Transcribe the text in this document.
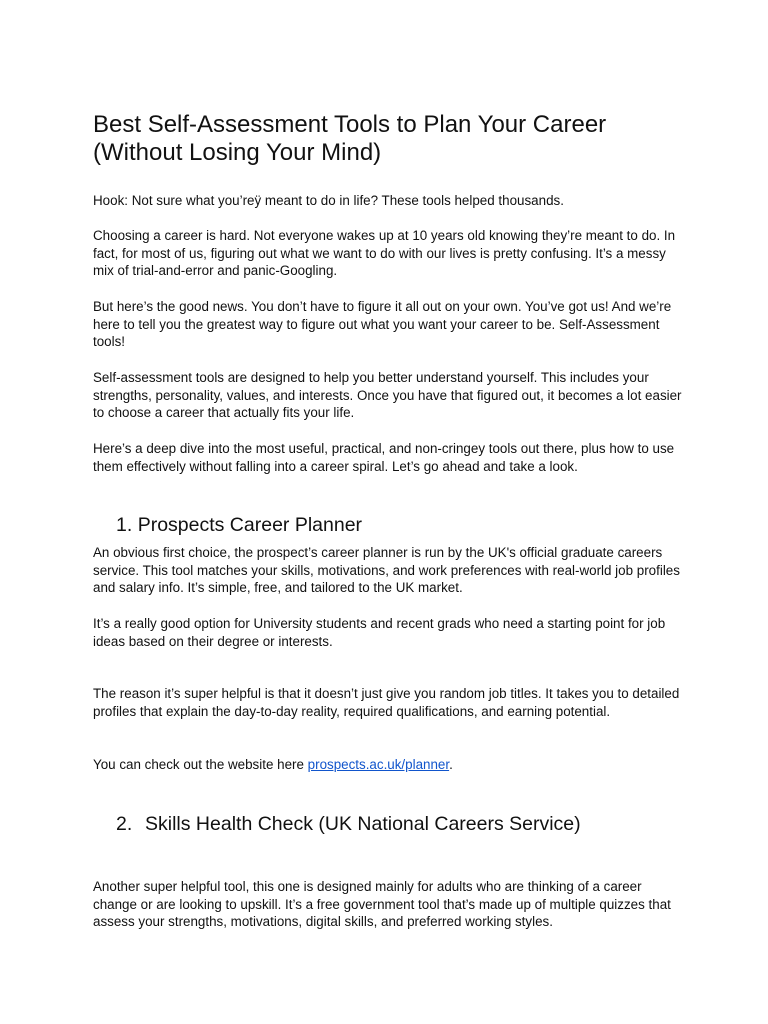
Best Self-Assessment Tools to Plan Your Career
(Without Losing Your Mind)

Hook: Not sure what you’reÿ meant to do in life? These tools helped thousands.

Choosing a career is hard. Not everyone wakes up at 10 years old knowing they’re meant to do. In fact, for most of us, figuring out what we want to do with our lives is pretty confusing. It’s a messy mix of trial-and-error and panic-Googling.

But here’s the good news. You don’t have to figure it all out on your own. You’ve got us! And we’re here to tell you the greatest way to figure out what you want your career to be. Self-Assessment tools!

Self-assessment tools are designed to help you better understand yourself. This includes your strengths, personality, values, and interests. Once you have that figured out, it becomes a lot easier to choose a career that actually fits your life.

Here’s a deep dive into the most useful, practical, and non-cringey tools out there, plus how to use them effectively without falling into a career spiral. Let’s go ahead and take a look.

1. Prospects Career Planner

An obvious first choice, the prospect’s career planner is run by the UK's official graduate careers service. This tool matches your skills, motivations, and work preferences with real-world job profiles and salary info. It’s simple, free, and tailored to the UK market.

It’s a really good option for University students and recent grads who need a starting point for job ideas based on their degree or interests.

The reason it’s super helpful is that it doesn’t just give you random job titles. It takes you to detailed profiles that explain the day-to-day reality, required qualifications, and earning potential.

You can check out the website here prospects.ac.uk/planner.

2. Skills Health Check (UK National Careers Service)

Another super helpful tool, this one is designed mainly for adults who are thinking of a career change or are looking to upskill. It’s a free government tool that’s made up of multiple quizzes that assess your strengths, motivations, digital skills, and preferred working styles.
